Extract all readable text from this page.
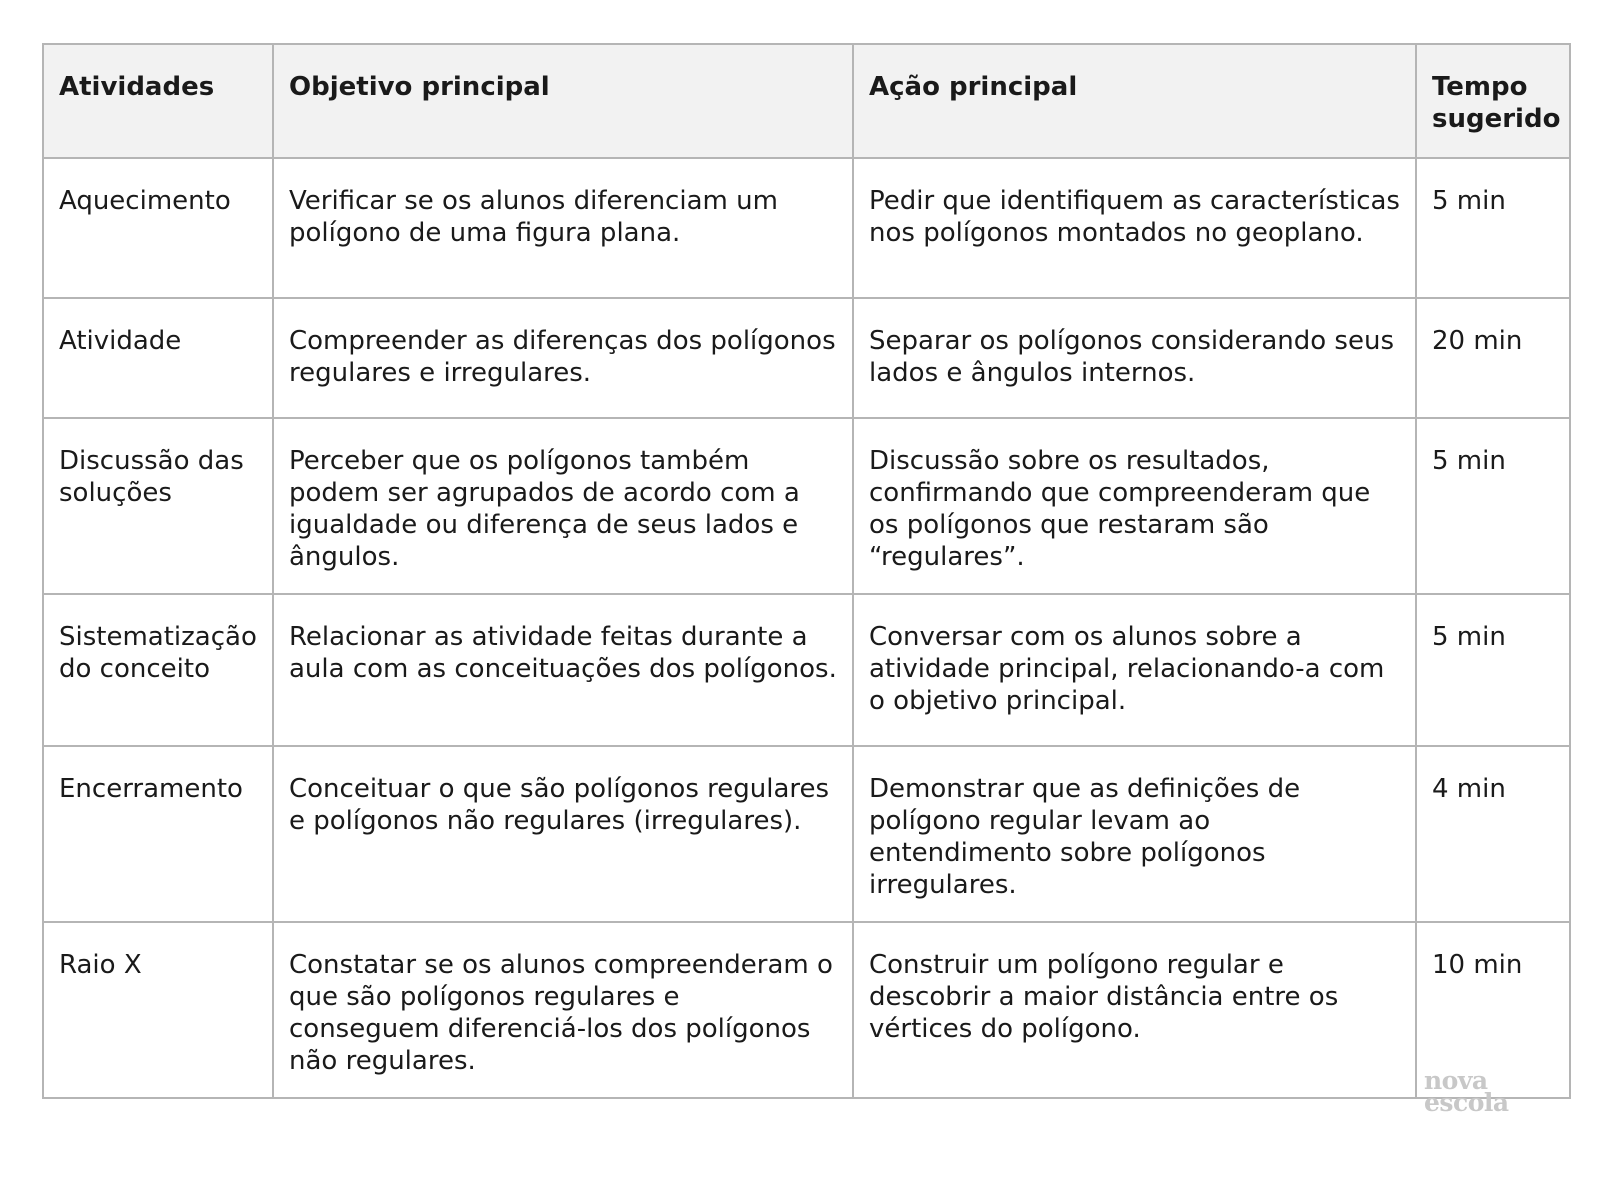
Atividades	Objetivo principal	Ação principal	Tempo sugerido
Aquecimento	Verificar se os alunos diferenciam um polígono de uma figura plana.	Pedir que identifiquem as características nos polígonos montados no geoplano.	5 min
Atividade	Compreender as diferenças dos polígonos regulares e irregulares.	Separar os polígonos considerando seus lados e ângulos internos.	20 min
Discussão das soluções	Perceber que os polígonos também podem ser agrupados de acordo com a igualdade ou diferença de seus lados e ângulos.	Discussão sobre os resultados, confirmando que compreenderam que os polígonos que restaram são “regulares”.	5 min
Sistematização do conceito	Relacionar as atividade feitas durante a aula com as conceituações dos polígonos.	Conversar com os alunos sobre a atividade principal, relacionando-a com o objetivo principal.	5 min
Encerramento	Conceituar o que são polígonos regulares e polígonos não regulares (irregulares).	Demonstrar que as definições de polígono regular levam ao entendimento sobre polígonos irregulares.	4 min
Raio X	Constatar se os alunos compreenderam o que são polígonos regulares e conseguem diferenciá-los dos polígonos não regulares.	Construir um polígono regular e descobrir a maior distância entre os vértices do polígono.	10 min
nova
escola
